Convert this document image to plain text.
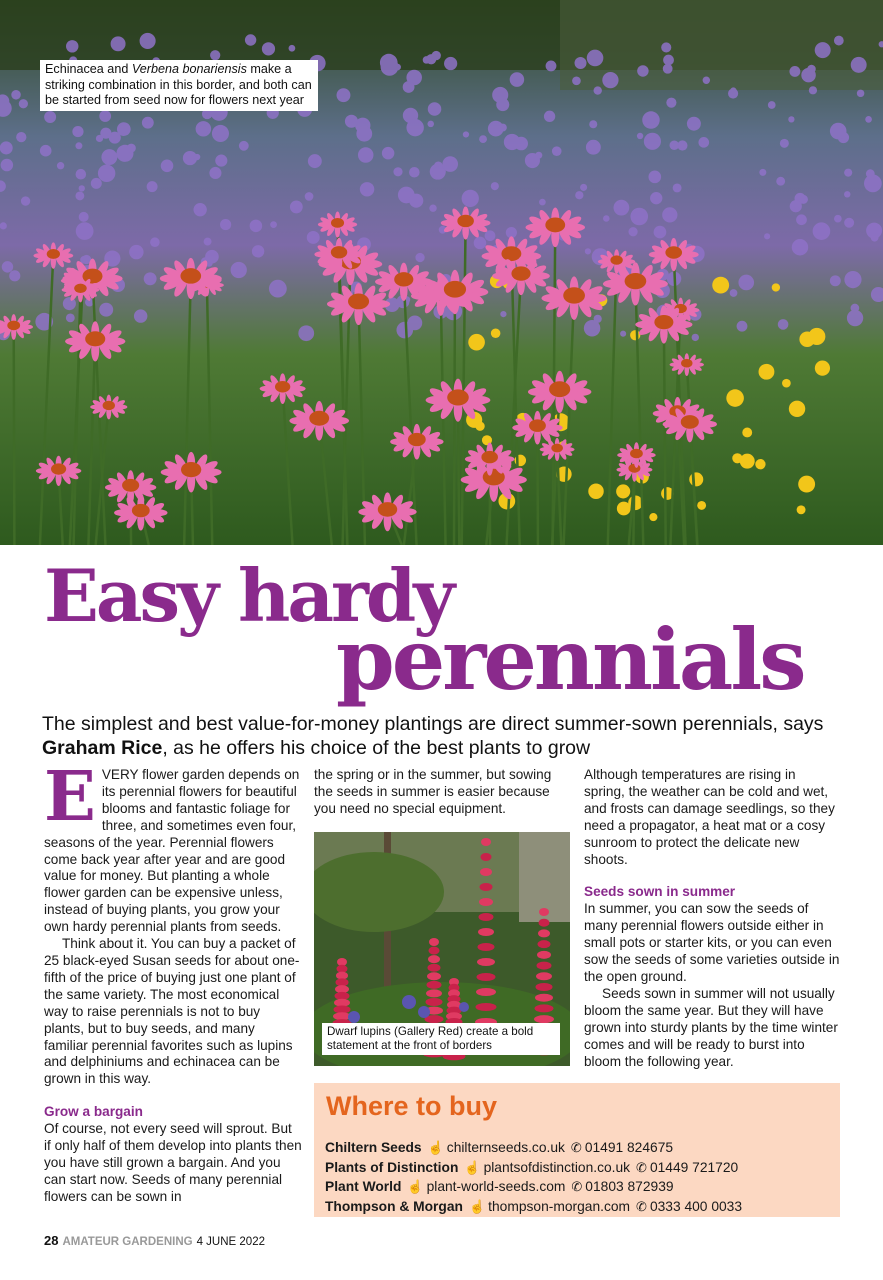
Echinacea and Verbena bonariensis make a striking combination in this border, and both can be started from seed now for flowers next year
Easy hardy
perennials

The simplest and best value-for-money plantings are direct summer-sown perennials, says Graham Rice, as he offers his choice of the best plants to grow

EVERY flower garden depends on its perennial flowers for beautiful blooms and fantastic foliage for three, and sometimes even four, seasons of the year. Perennial flowers come back year after year and are good value for money. But planting a whole flower garden can be expensive unless, instead of buying plants, you grow your own hardy perennial plants from seeds.

Think about it. You can buy a packet of 25 black-eyed Susan seeds for about one-fifth of the price of buying just one plant of the same variety. The most economical way to raise perennials is not to buy plants, but to buy seeds, and many familiar perennial favorites such as lupins and delphiniums and echinacea can be grown in this way.

Grow a bargain

Of course, not every seed will sprout. But if only half of them develop into plants then you have still grown a bargain. And you can start now. Seeds of many perennial flowers can be sown in

the spring or in the summer, but sowing the seeds in summer is easier because you need no special equipment.

Dwarf lupins (Gallery Red) create a bold statement at the front of borders

Although temperatures are rising in spring, the weather can be cold and wet, and frosts can damage seedlings, so they need a propagator, a heat mat or a cosy sunroom to protect the delicate new shoots.

Seeds sown in summer

In summer, you can sow the seeds of many perennial flowers outside either in small pots or starter kits, or you can even sow the seeds of some varieties outside in the open ground.

Seeds sown in summer will not usually bloom the same year. But they will have grown into sturdy plants by the time winter comes and will be ready to burst into bloom the following year.

Where to buy
Chiltern Seeds ☝ chilternseeds.co.uk ✆ 01491 824675
Plants of Distinction ☝ plantsofdistinction.co.uk ✆ 01449 721720
Plant World ☝ plant-world-seeds.com ✆ 01803 872939
Thompson & Morgan ☝ thompson-morgan.com ✆ 0333 400 0033
28 AMATEUR GARDENING 4 JUNE 2022
